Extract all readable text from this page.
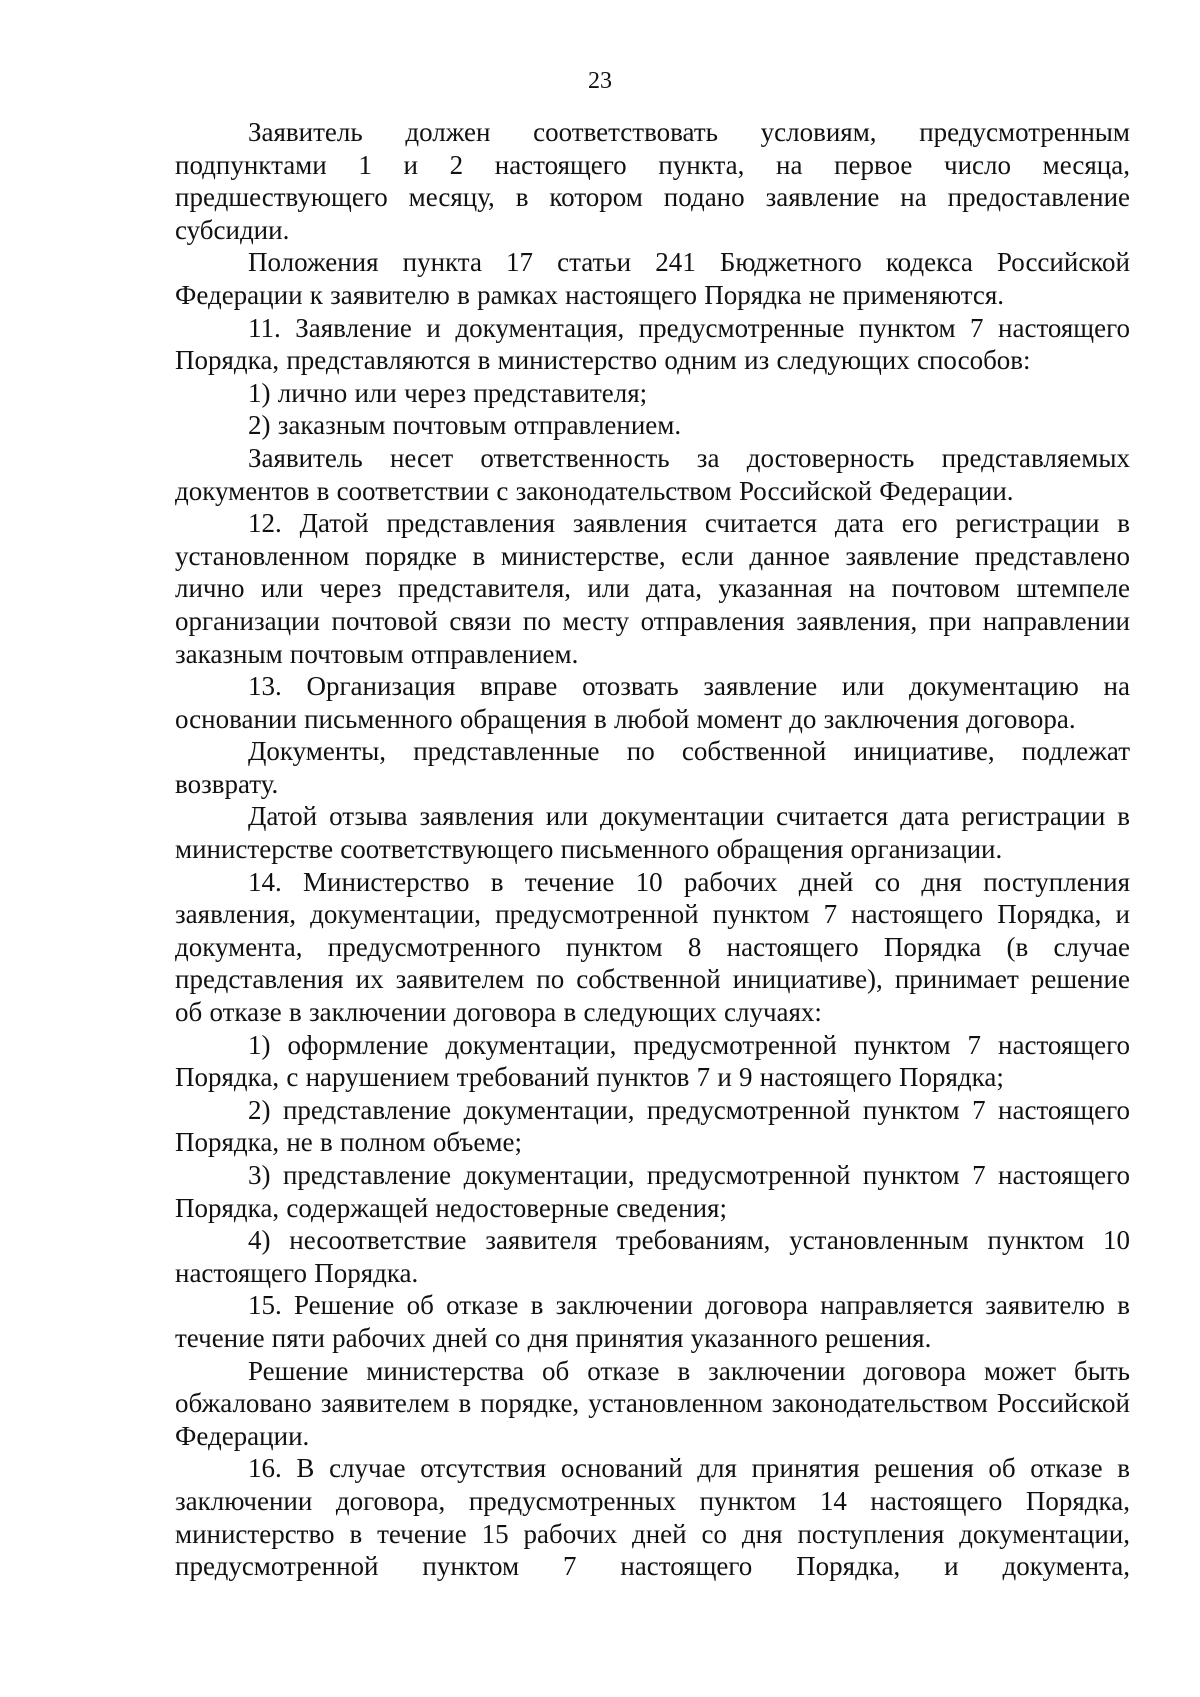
23

Заявитель должен соответствовать условиям, предусмотренным подпунктами 1 и 2 настоящего пункта, на первое число месяца, предшествующего месяцу, в котором подано заявление на предоставление субсидии.

Положения пункта 17 статьи 241 Бюджетного кодекса Российской Федерации к заявителю в рамках настоящего Порядка не применяются.

11. Заявление и документация, предусмотренные пунктом 7 настоящего Порядка, представляются в министерство одним из следующих способов:

1) лично или через представителя;

2) заказным почтовым отправлением.

Заявитель несет ответственность за достоверность представляемых документов в соответствии с законодательством Российской Федерации.

12. Датой представления заявления считается дата его регистрации в установленном порядке в министерстве, если данное заявление представлено лично или через представителя, или дата, указанная на почтовом штемпеле организации почтовой связи по месту отправления заявления, при направлении заказным почтовым отправлением.

13. Организация вправе отозвать заявление или документацию на основании письменного обращения в любой момент до заключения договора.

Документы, представленные по собственной инициативе, подлежат возврату.

Датой отзыва заявления или документации считается дата регистрации в министерстве соответствующего письменного обращения организации.

14. Министерство в течение 10 рабочих дней со дня поступления заявления, документации, предусмотренной пунктом 7 настоящего Порядка, и документа, предусмотренного пунктом 8 настоящего Порядка (в случае представления их заявителем по собственной инициативе), принимает решение об отказе в заключении договора в следующих случаях:

1) оформление документации, предусмотренной пунктом 7 настоящего Порядка, с нарушением требований пунктов 7 и 9 настоящего Порядка;

2) представление документации, предусмотренной пунктом 7 настоящего Порядка, не в полном объеме;

3) представление документации, предусмотренной пунктом 7 настоящего Порядка, содержащей недостоверные сведения;

4) несоответствие заявителя требованиям, установленным пунктом 10 настоящего Порядка.

15. Решение об отказе в заключении договора направляется заявителю в течение пяти рабочих дней со дня принятия указанного решения.

Решение министерства об отказе в заключении договора может быть обжаловано заявителем в порядке, установленном законодательством Российской Федерации.

16. В случае отсутствия оснований для принятия решения об отказе в заключении договора, предусмотренных пунктом 14 настоящего Порядка, министерство в течение 15 рабочих дней со дня поступления документации, предусмотренной пунктом 7 настоящего Порядка, и документа,
